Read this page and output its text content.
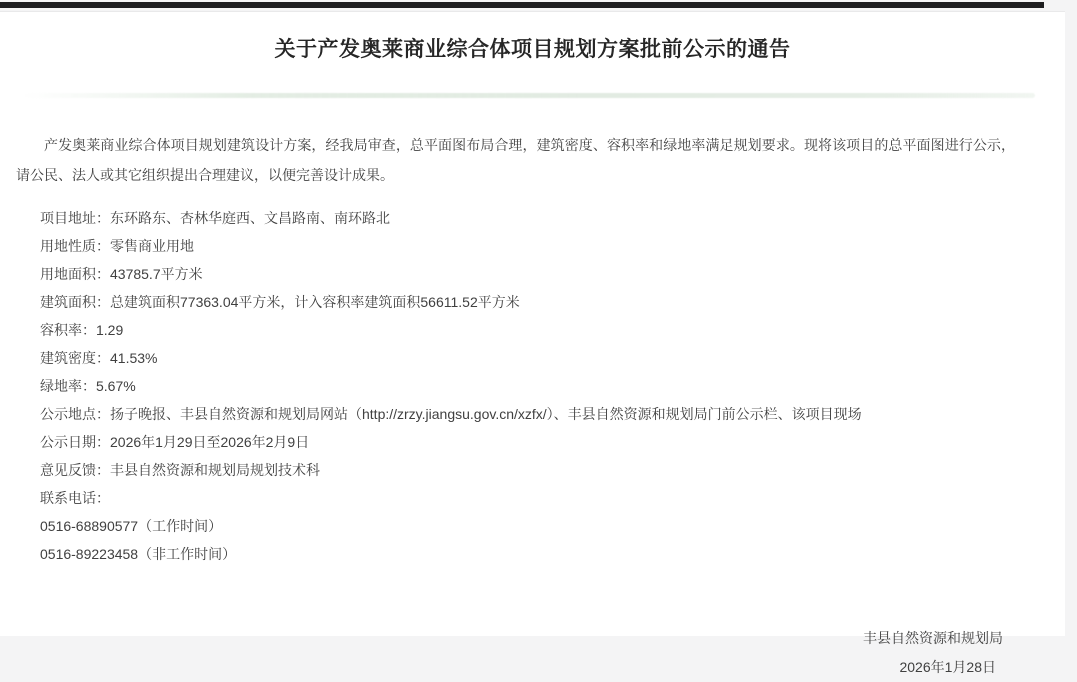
关于产发奥莱商业综合体项目规划方案批前公示的通告

产发奥莱商业综合体项目规划建筑设计方案，经我局审查，总平面图布局合理，建筑密度、容积率和绿地率满足规划要求。现将该项目的总平面图进行公示，请公民、法人或其它组织提出合理建议，以便完善设计成果。

项目地址：东环路东、杏林华庭西、文昌路南、南环路北
用地性质：零售商业用地
用地面积：43785.7平方米
建筑面积：总建筑面积77363.04平方米，计入容积率建筑面积56611.52平方米
容积率：1.29
建筑密度：41.53%
绿地率：5.67%
公示地点：扬子晚报、丰县自然资源和规划局网站（http://zrzy.jiangsu.gov.cn/xzfx/）、丰县自然资源和规划局门前公示栏、该项目现场
公示日期：2026年1月29日至2026年2月9日
意见反馈：丰县自然资源和规划局规划技术科
联系电话：
0516-68890577（工作时间）
0516-89223458（非工作时间）
丰县自然资源和规划局
2026年1月28日
